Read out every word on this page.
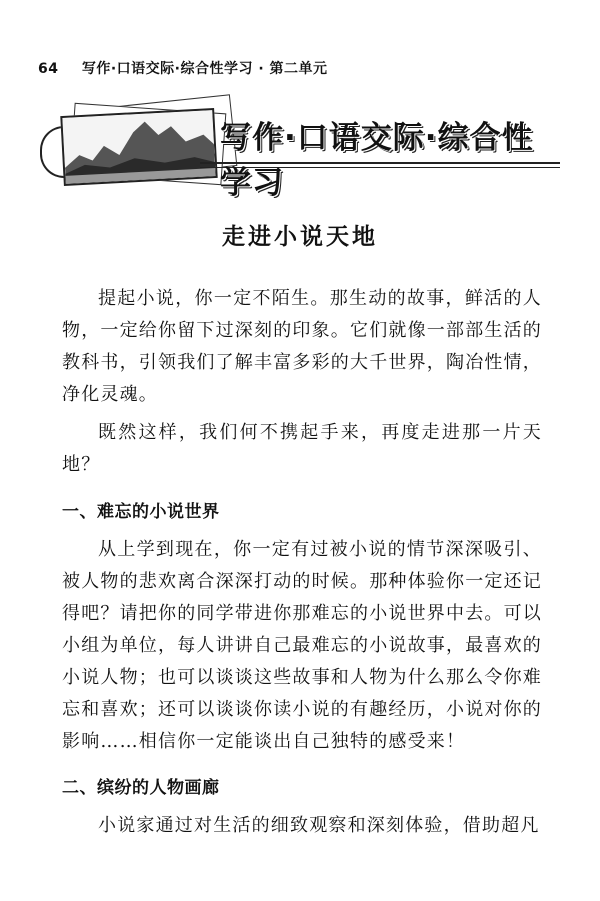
64 写作·口语交际·综合性学习 · 第二单元
写作·口语交际·综合性学习
走进小说天地

提起小说，你一定不陌生。那生动的故事，鲜活的人物，一定给你留下过深刻的印象。它们就像一部部生活的教科书，引领我们了解丰富多彩的大千世界，陶冶性情，净化灵魂。

既然这样，我们何不携起手来，再度走进那一片天地？

一、难忘的小说世界

从上学到现在，你一定有过被小说的情节深深吸引、被人物的悲欢离合深深打动的时候。那种体验你一定还记得吧？请把你的同学带进你那难忘的小说世界中去。可以小组为单位，每人讲讲自己最难忘的小说故事，最喜欢的小说人物；也可以谈谈这些故事和人物为什么那么令你难忘和喜欢；还可以谈谈你读小说的有趣经历，小说对你的影响……相信你一定能谈出自己独特的感受来！

二、缤纷的人物画廊

小说家通过对生活的细致观察和深刻体验，借助超凡
